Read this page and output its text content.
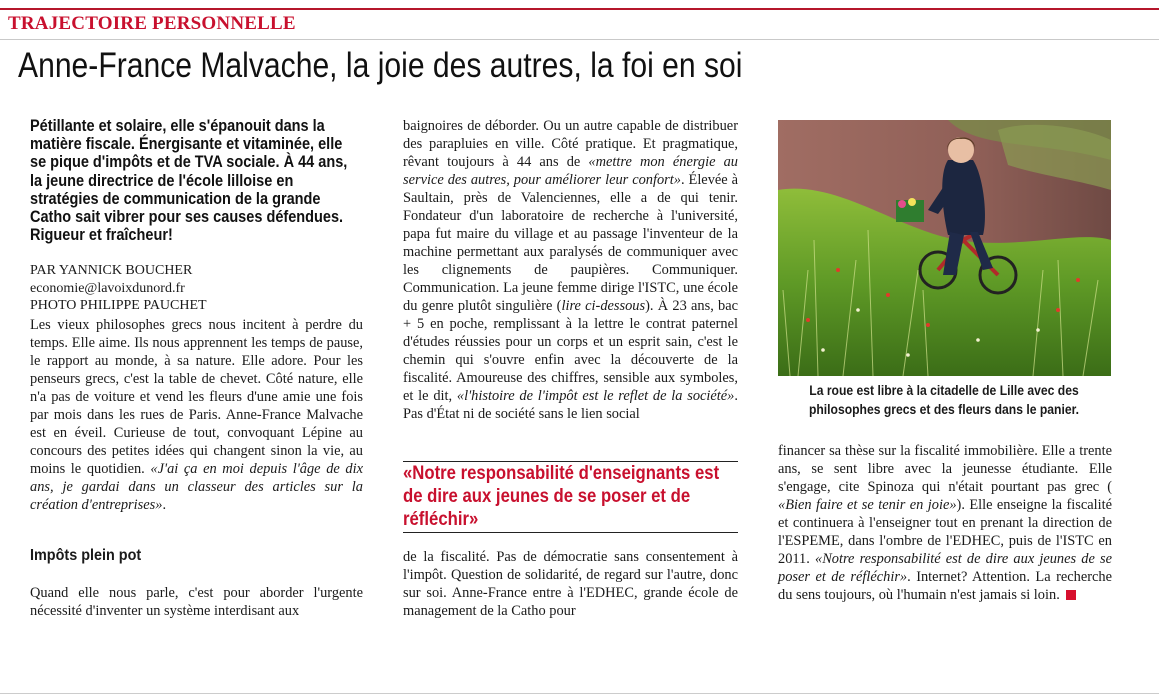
TRAJECTOIRE PERSONNELLE
Anne-France Malvache, la joie des autres, la foi en soi
Pétillante et solaire, elle s'épanouit dans la matière fiscale. Énergisante et vitaminée, elle se pique d'impôts et de TVA sociale. À 44 ans, la jeune directrice de l'école lilloise en stratégies de communication de la grande Catho sait vibrer pour ses causes défendues. Rigueur et fraîcheur!
PAR YANNICK BOUCHER
economie@lavoixdunord.fr
PHOTO PHILIPPE PAUCHET

Les vieux philosophes grecs nous incitent à perdre du temps. Elle aime. Ils nous apprennent les temps de pause, le rapport au monde, à sa nature. Elle adore. Pour les penseurs grecs, c'est la table de chevet. Côté nature, elle n'a pas de voiture et vend les fleurs d'une amie une fois par mois dans les rues de Paris. Anne-France Malvache est en éveil. Curieuse de tout, convoquant Lépine au concours des petites idées qui changent sinon la vie, au moins le quotidien. «J'ai ça en moi depuis l'âge de dix ans, je gardai dans un classeur des articles sur la création d'entreprises».

Impôts plein pot

Quand elle nous parle, c'est pour aborder l'urgente nécessité d'inventer un système interdisant aux

baignoires de déborder. Ou un autre capable de distribuer des parapluies en ville. Côté pratique. Et pragmatique, rêvant toujours à 44 ans de «mettre mon énergie au service des autres, pour améliorer leur confort». Élevée à Saultain, près de Valenciennes, elle a de qui tenir. Fondateur d'un laboratoire de recherche à l'université, papa fut maire du village et au passage l'inventeur de la machine permettant aux paralysés de communiquer avec les clignements de paupières. Communiquer. Communication. La jeune femme dirige l'ISTC, une école du genre plutôt singulière (lire ci-dessous). À 23 ans, bac + 5 en poche, remplissant à la lettre le contrat paternel d'études réussies pour un corps et un esprit sain, c'est le chemin qui s'ouvre enfin avec la découverte de la fiscalité. Amoureuse des chiffres, sensible aux symboles, et le dit, «l'histoire de l'impôt est le reflet de la société». Pas d'État ni de société sans le lien social

«Notre responsabilité d'enseignants est de dire aux jeunes de se poser et de réfléchir»

de la fiscalité. Pas de démocratie sans consentement à l'impôt. Question de solidarité, de regard sur l'autre, donc sur soi. Anne-France entre à l'EDHEC, grande école de management de la Catho pour

La roue est libre à la citadelle de Lille avec des philosophes grecs et des fleurs dans le panier.

financer sa thèse sur la fiscalité immobilière. Elle a trente ans, se sent libre avec la jeunesse étudiante. Elle s'engage, cite Spinoza qui n'était pourtant pas grec ( «Bien faire et se tenir en joie»). Elle enseigne la fiscalité et continuera à l'enseigner tout en prenant la direction de l'ESPEME, dans l'ombre de l'EDHEC, puis de l'ISTC en 2011. «Notre responsabilité est de dire aux jeunes de se poser et de réfléchir». Internet? Attention. La recherche du sens toujours, où l'humain n'est jamais si loin.
